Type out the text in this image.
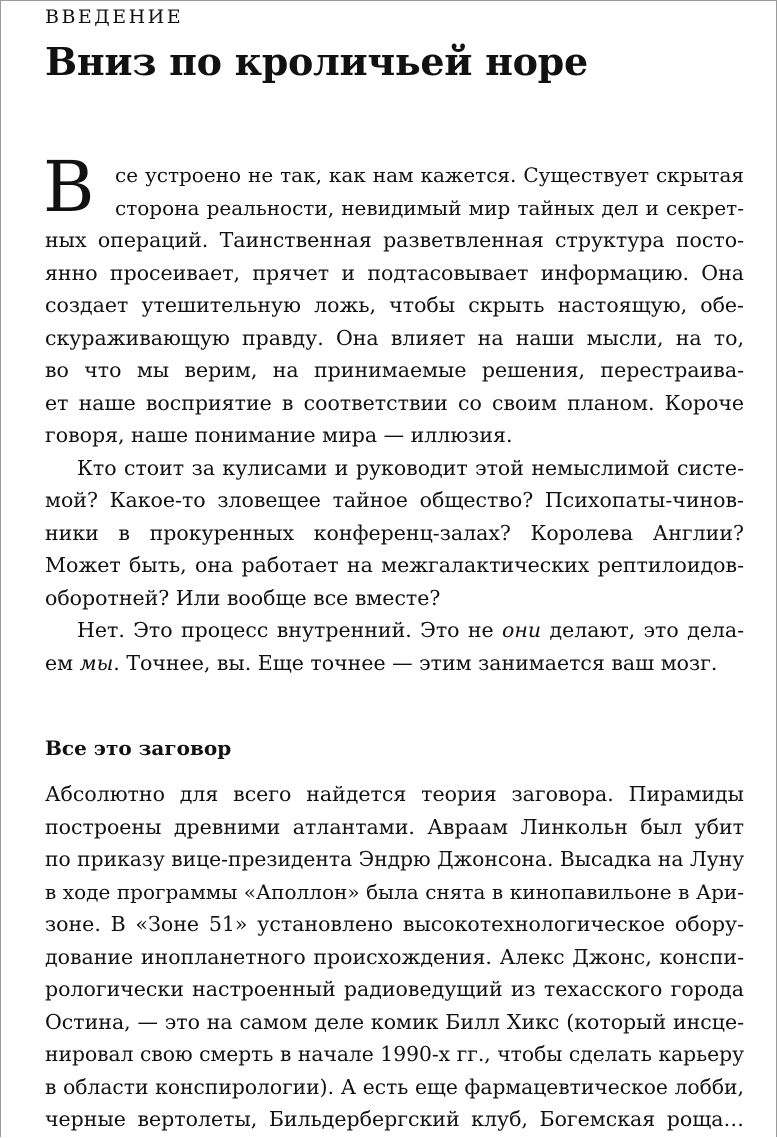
ВВЕДЕНИЕ
Вниз по кроличьей норе
В	се устроено не так, как нам кажется. Существует скрытая
сторона реальности, невидимый мир тайных дел и секрет-
ных операций. Таинственная разветвленная структура посто-
янно просеивает, прячет и подтасовывает информацию. Она
создает утешительную ложь, чтобы скрыть настоящую, обе-
скураживающую правду. Она влияет на наши мысли, на то,
во что мы верим, на принимаемые решения, перестраива-
ет наше восприятие в соответствии со своим планом. Короче
говоря, наше понимание мира — иллюзия.
Кто стоит за кулисами и руководит этой немыслимой систе-
мой? Какое-то зловещее тайное общество? Психопаты-чинов-
ники в прокуренных конференц-залах? Королева Англии?
Может быть, она работает на межгалактических рептилоидов-
оборотней? Или вообще все вместе?
Нет. Это процесс внутренний. Это не они делают, это дела-
ем мы. Точнее, вы. Еще точнее — этим занимается ваш мозг.
Все это заговор
Абсолютно для всего найдется теория заговора. Пирамиды
построены древними атлантами. Авраам Линкольн был убит
по приказу вице-президента Эндрю Джонсона. Высадка на Луну
в ходе программы «Аполлон» была снята в кинопавильоне в Ари-
зоне. В «Зоне 51» установлено высокотехнологическое обору-
дование инопланетного происхождения. Алекс Джонс, конспи-
рологически настроенный радиоведущий из техасского города
Остина, — это на самом деле комик Билл Хикс (который инсце-
нировал свою смерть в начале 1990-х гг., чтобы сделать карьеру
в области конспирологии). А есть еще фармацевтическое лобби,
черные вертолеты, Бильдербергский клуб, Богемская роща…
